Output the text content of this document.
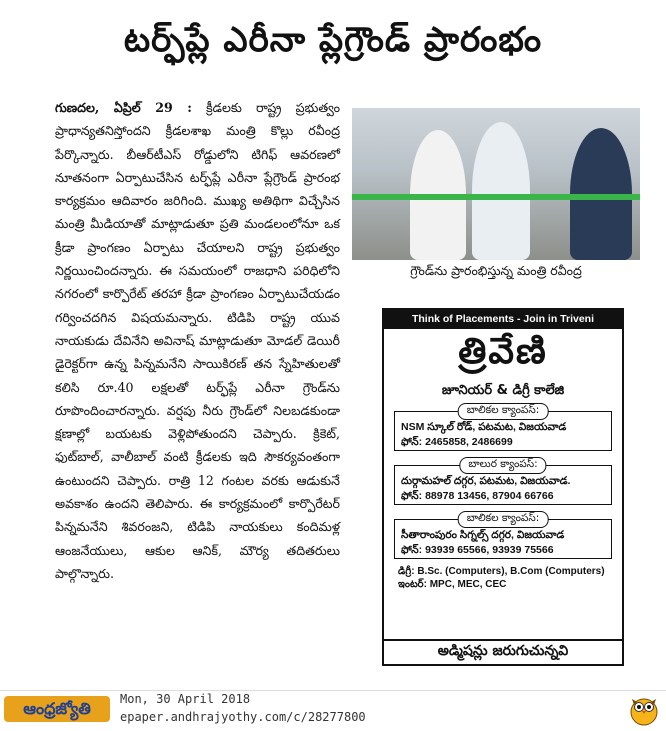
టర్ఫ్‌ప్లే ఎరీనా ప్లేగ్రౌండ్ ప్రారంభం
గుణదల, ఏప్రిల్ 29 : క్రీడలకు రాష్ట్ర ప్రభుత్వం ప్రాధాన్యతనిస్తోందని క్రీడలశాఖ మంత్రి కొల్లు రవీంద్ర పేర్కొన్నారు. బీఆర్‌టీఎస్ రోడ్డులోని టిగిఫ్ ఆవరణలో నూతనంగా ఏర్పాటుచేసిన టర్ఫ్‌ప్లే ఎరీనా ప్లేగ్రౌండ్ ప్రారంభ కార్యక్రమం ఆదివారం జరిగింది. ముఖ్య అతిథిగా విచ్చేసిన మంత్రి మీడియాతో మాట్లాడుతూ ప్రతి మండలంలోనూ ఒక క్రీడా ప్రాంగణం ఏర్పాటు చేయాలని రాష్ట్ర ప్రభుత్వం నిర్ణయించిందన్నారు. ఈ సమయంలో రాజధాని పరిధిలోని నగరంలో కార్పొరేట్ తరహా క్రీడా ప్రాంగణం ఏర్పాటుచేయడం గర్వించదగిన విషయమన్నారు. టిడిపి రాష్ట్ర యువ నాయకుడు దేవినేని అవినాష్ మాట్లాడుతూ మోడల్ డెయిరీ డైరెక్టర్‌గా ఉన్న పిన్నమనేని సాయికిరణ్ తన స్నేహితులతో కలిసి రూ.40 లక్షలతో టర్ఫ్‌ప్లే ఎరీనా గ్రౌండ్‌ను రూపొందించారన్నారు. వర్షపు నీరు గ్రౌండ్‌లో నిలబడకుండా క్షణాల్లో బయటకు వెళ్లిపోతుందని చెప్పారు. క్రికెట్, ఫుట్‌బాల్, వాలీబాల్ వంటి క్రీడలకు ఇది సౌకర్యవంతంగా ఉంటుందని చెప్పారు. రాత్రి 12 గంటల వరకు ఆడుకునే అవకాశం ఉందని తెలిపారు. ఈ కార్యక్రమంలో కార్పొరేటర్ పిన్నమనేని శివరంజని, టిడిపి నాయకులు కందిమళ్ల ఆంజనేయులు, ఆకుల ఆనిక్, మౌర్య తదితరులు పాల్గొన్నారు.
గ్రౌండ్‌ను ప్రారంభిస్తున్న మంత్రి రవీంద్ర
Think of Placements - Join in Triveni
త్రివేణి
జూనియర్ & డిగ్రీ కాలేజి
బాలికల క్యాంపస్:
NSM స్కూల్ రోడ్, పటమట, విజయవాడ
ఫోన్: 2465858, 2486699
బాలుర క్యాంపస్:
దుర్గామహల్ దగ్గర, పటమట, విజయవాడ.
ఫోన్: 88978 13456, 87904 66766
బాలికల క్యాంపస్:
సీతారాంపురం సిగ్నల్స్ దగ్గర, విజయవాడ
ఫోన్: 93939 65566, 93939 75566
డిగ్రీ: B.Sc. (Computers), B.Com (Computers)
ఇంటర్: MPC, MEC, CEC
అడ్మిషన్లు జరుగుచున్నవి
ఆంధ్రజ్యోతి	Mon, 30 April 2018
epaper.andhrajyothy.com/c/28277800
